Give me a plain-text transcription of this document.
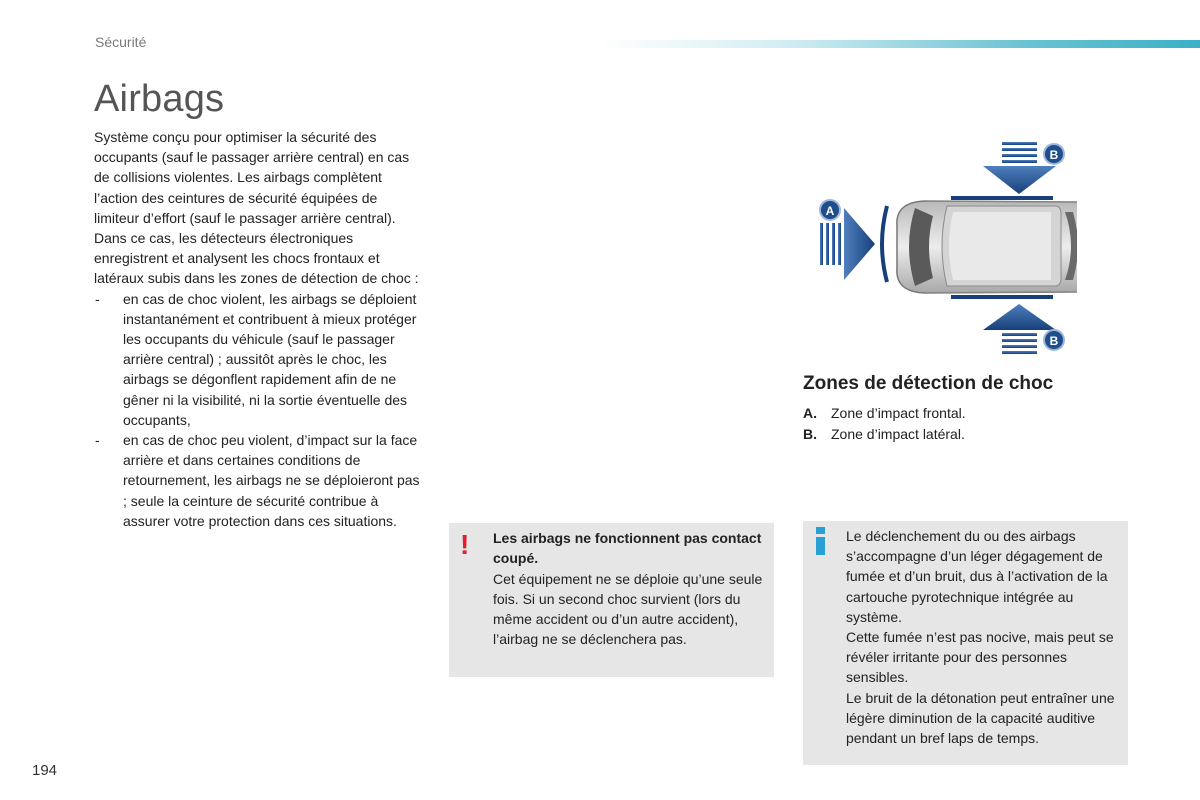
Sécurité
Airbags

Système conçu pour optimiser la sécurité des occupants (sauf le passager arrière central) en cas de collisions violentes. Les airbags complètent l’action des ceintures de sécurité équipées de limiteur d’effort (sauf le passager arrière central).

Dans ce cas, les détecteurs électroniques enregistrent et analysent les chocs frontaux et latéraux subis dans les zones de détection de choc :

- en cas de choc violent, les airbags se déploient instantanément et contribuent à mieux protéger les occupants du véhicule (sauf le passager arrière central) ; aussitôt après le choc, les airbags se dégonflent rapidement afin de ne gêner ni la visibilité, ni la sortie éventuelle des occupants,
- en cas de choc peu violent, d’impact sur la face arrière et dans certaines conditions de retournement, les airbags ne se déploieront pas ; seule la ceinture de sécurité contribue à assurer votre protection dans ces situations.
B
B
A
Zones de détection de choc
A.	Zone d’impact frontal.
B.	Zone d’impact latéral.
! Les airbags ne fonctionnent pas contact coupé.
Cet équipement ne se déploie qu’une seule fois. Si un second choc survient (lors du même accident ou d’un autre accident), l’airbag ne se déclenchera pas.

Le déclenchement du ou des airbags s’accompagne d’un léger dégagement de fumée et d’un bruit, dus à l’activation de la cartouche pyrotechnique intégrée au système.

Cette fumée n’est pas nocive, mais peut se révéler irritante pour des personnes sensibles.

Le bruit de la détonation peut entraîner une légère diminution de la capacité auditive pendant un bref laps de temps.

194
